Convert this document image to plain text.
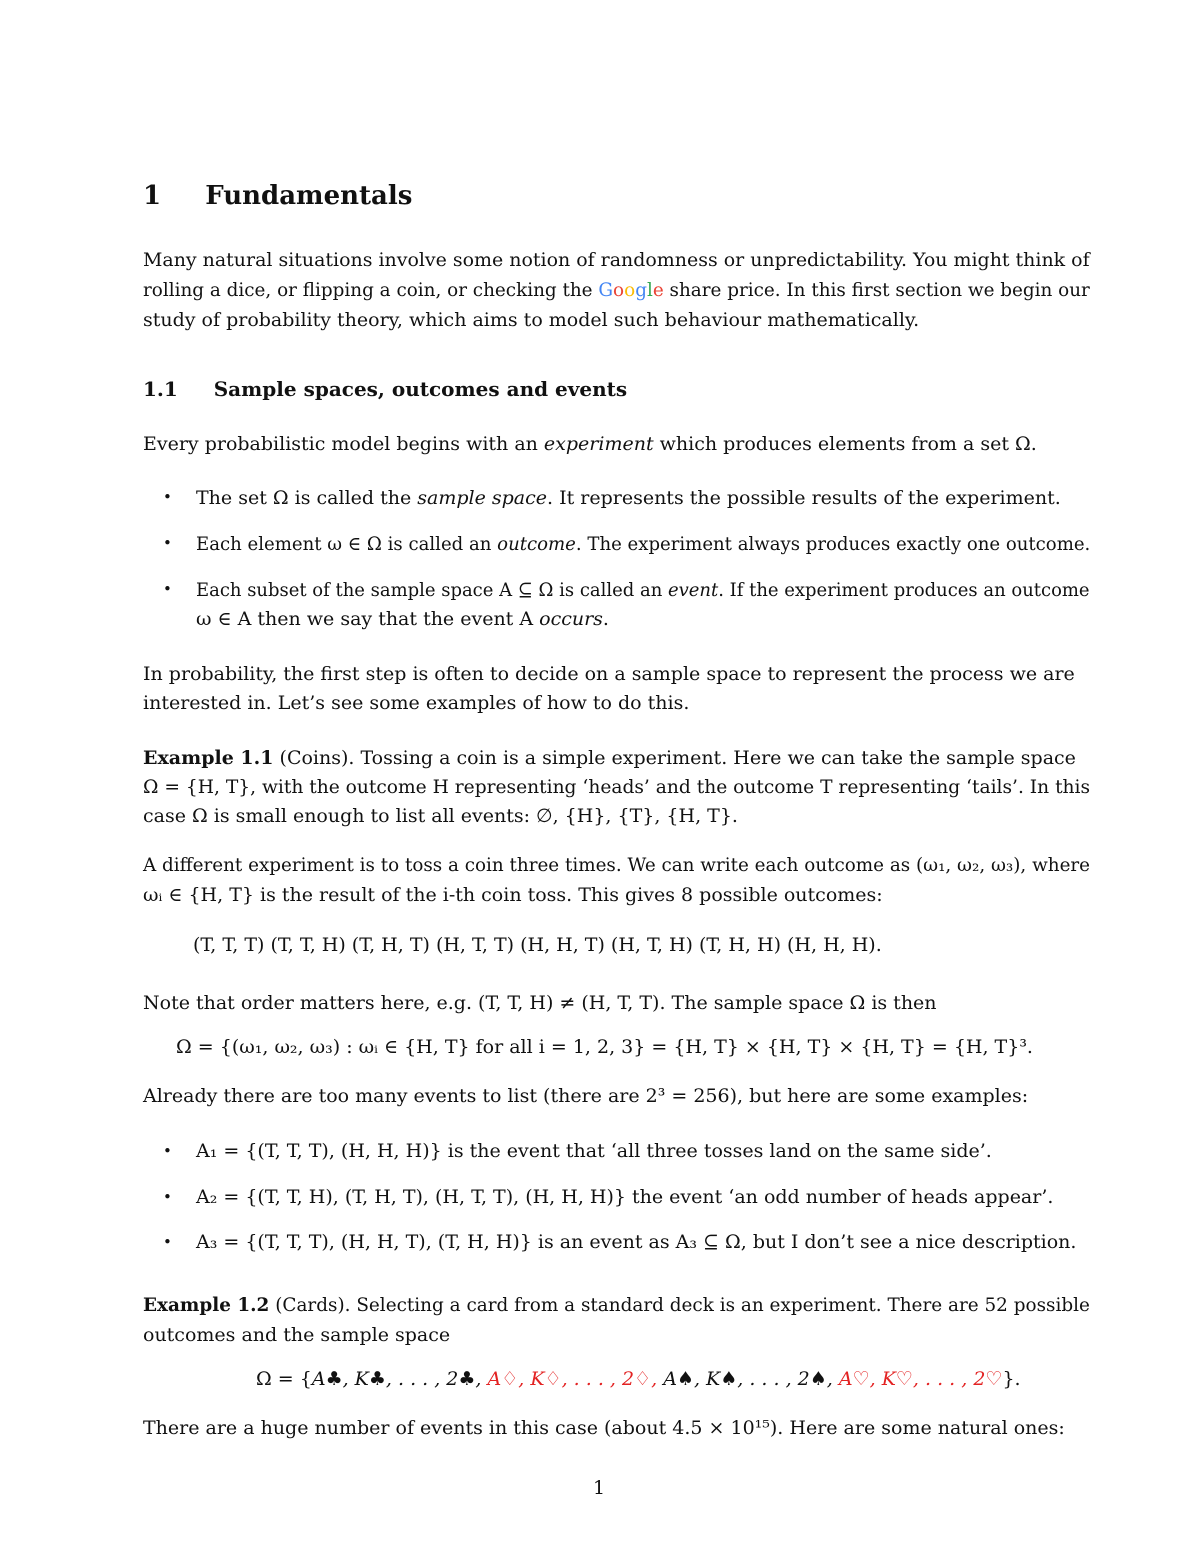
1 Fundamentals
Many natural situations involve some notion of randomness or unpredictability. You might think of
rolling a dice, or flipping a coin, or checking the Google share price. In this first section we begin our
study of probability theory, which aims to model such behaviour mathematically.
1.1 Sample spaces, outcomes and events
Every probabilistic model begins with an experiment which produces elements from a set Ω.
• The set Ω is called the sample space. It represents the possible results of the experiment.
• Each element ω ∈ Ω is called an outcome. The experiment always produces exactly one outcome.
• Each subset of the sample space A ⊆ Ω is called an event. If the experiment produces an outcome
ω ∈ A then we say that the event A occurs.
In probability, the first step is often to decide on a sample space to represent the process we are
interested in. Let’s see some examples of how to do this.
Example 1.1 (Coins). Tossing a coin is a simple experiment. Here we can take the sample space
Ω = {H, T}, with the outcome H representing ‘heads’ and the outcome T representing ‘tails’. In this
case Ω is small enough to list all events: ∅, {H}, {T}, {H, T}.
A different experiment is to toss a coin three times. We can write each outcome as (ω₁, ω₂, ω₃), where
ωᵢ ∈ {H, T} is the result of the i-th coin toss. This gives 8 possible outcomes:
(T, T, T) (T, T, H) (T, H, T) (H, T, T) (H, H, T) (H, T, H) (T, H, H) (H, H, H).
Note that order matters here, e.g. (T, T, H) ≠ (H, T, T). The sample space Ω is then
Ω = {(ω₁, ω₂, ω₃) : ωᵢ ∈ {H, T} for all i = 1, 2, 3} = {H, T} × {H, T} × {H, T} = {H, T}³.
Already there are too many events to list (there are 2³ = 256), but here are some examples:
• A₁ = {(T, T, T), (H, H, H)} is the event that ‘all three tosses land on the same side’.
• A₂ = {(T, T, H), (T, H, T), (H, T, T), (H, H, H)} the event ‘an odd number of heads appear’.
• A₃ = {(T, T, T), (H, H, T), (T, H, H)} is an event as A₃ ⊆ Ω, but I don’t see a nice description.
Example 1.2 (Cards). Selecting a card from a standard deck is an experiment. There are 52 possible
outcomes and the sample space
Ω = {A♣, K♣, . . . , 2♣, A♢, K♢, . . . , 2♢, A♠, K♠, . . . , 2♠, A♡, K♡, . . . , 2♡}.
There are a huge number of events in this case (about 4.5 × 10¹⁵). Here are some natural ones:
1
